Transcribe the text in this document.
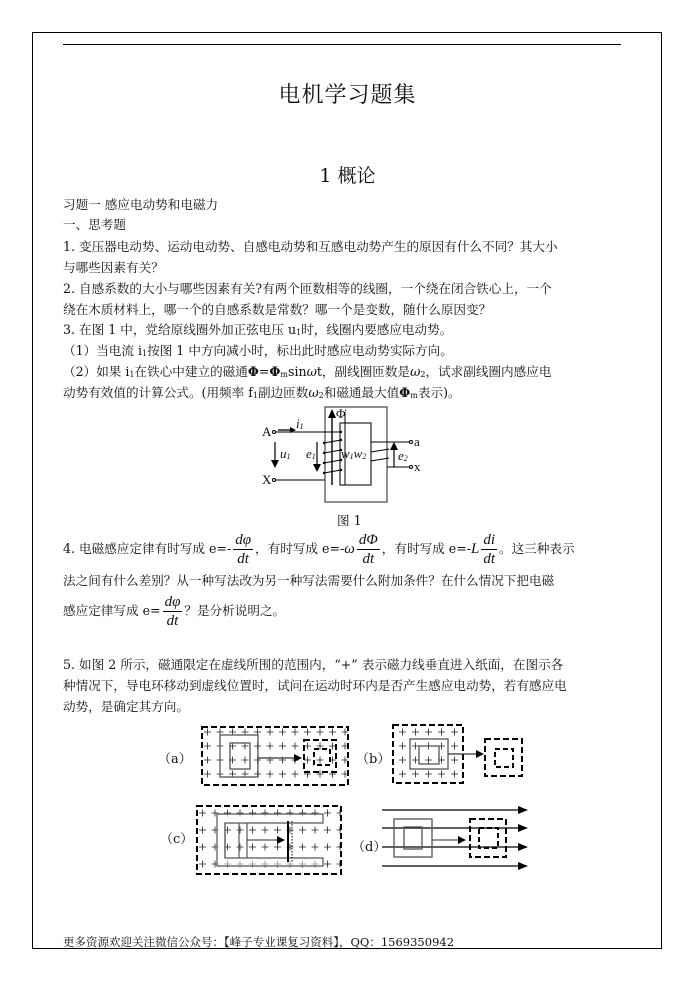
电机学习题集
1 概论
习题一 感应电动势和电磁力
一、思考题
1. 变压器电动势、运动电动势、自感电动势和互感电动势产生的原因有什么不同？其大小
与哪些因素有关？
2. 自感系数的大小与哪些因素有关?有两个匝数相等的线圈，一个绕在闭合铁心上，一个
绕在木质材料上，哪一个的自感系数是常数？哪一个是变数，随什么原因变？
3. 在图 1 中，党给原线圈外加正弦电压 u1时，线圈内要感应电动势。
（1）当电流 i1按图 1 中方向减小时，标出此时感应电动势实际方向。
（2）如果 i1在铁心中建立的磁通Φ=Φmsinωt，副线圈匝数是ω2，试求副线圈内感应电
动势有效值的计算公式。(用频率 f1副边匝数ω2和磁通最大值Φm表示)。
A
X
a
x
Φ̇
i1
u1 e1 w1w2 e2
图 1
4. 电磁感应定律有时写成 $e=- \frac{d\varphi}{dt}$ ，有时写成 $e=-\omega \frac{d\Phi}{dt}$ ，有时写成 $e=-L \frac{di}{dt}$ 。这三种表示
法之间有什么差别？从一种写法改为另一种写法需要什么附加条件？在什么情况下把电磁
感应定律写成 $e= \frac{d\varphi}{dt}$ ？是分析说明之。
5. 如图 2 所示，磁通限定在虚线所围的范围内，“+” 表示磁力线垂直进入纸面，在图示各
种情况下，导电环移动到虚线位置时，试问在运动时环内是否产生感应电动势，若有感应电
动势，是确定其方向。
（a）	（b）
（c）
（d）
更多资源欢迎关注微信公众号：【峰子专业课复习资料】，QQ：1569350942
